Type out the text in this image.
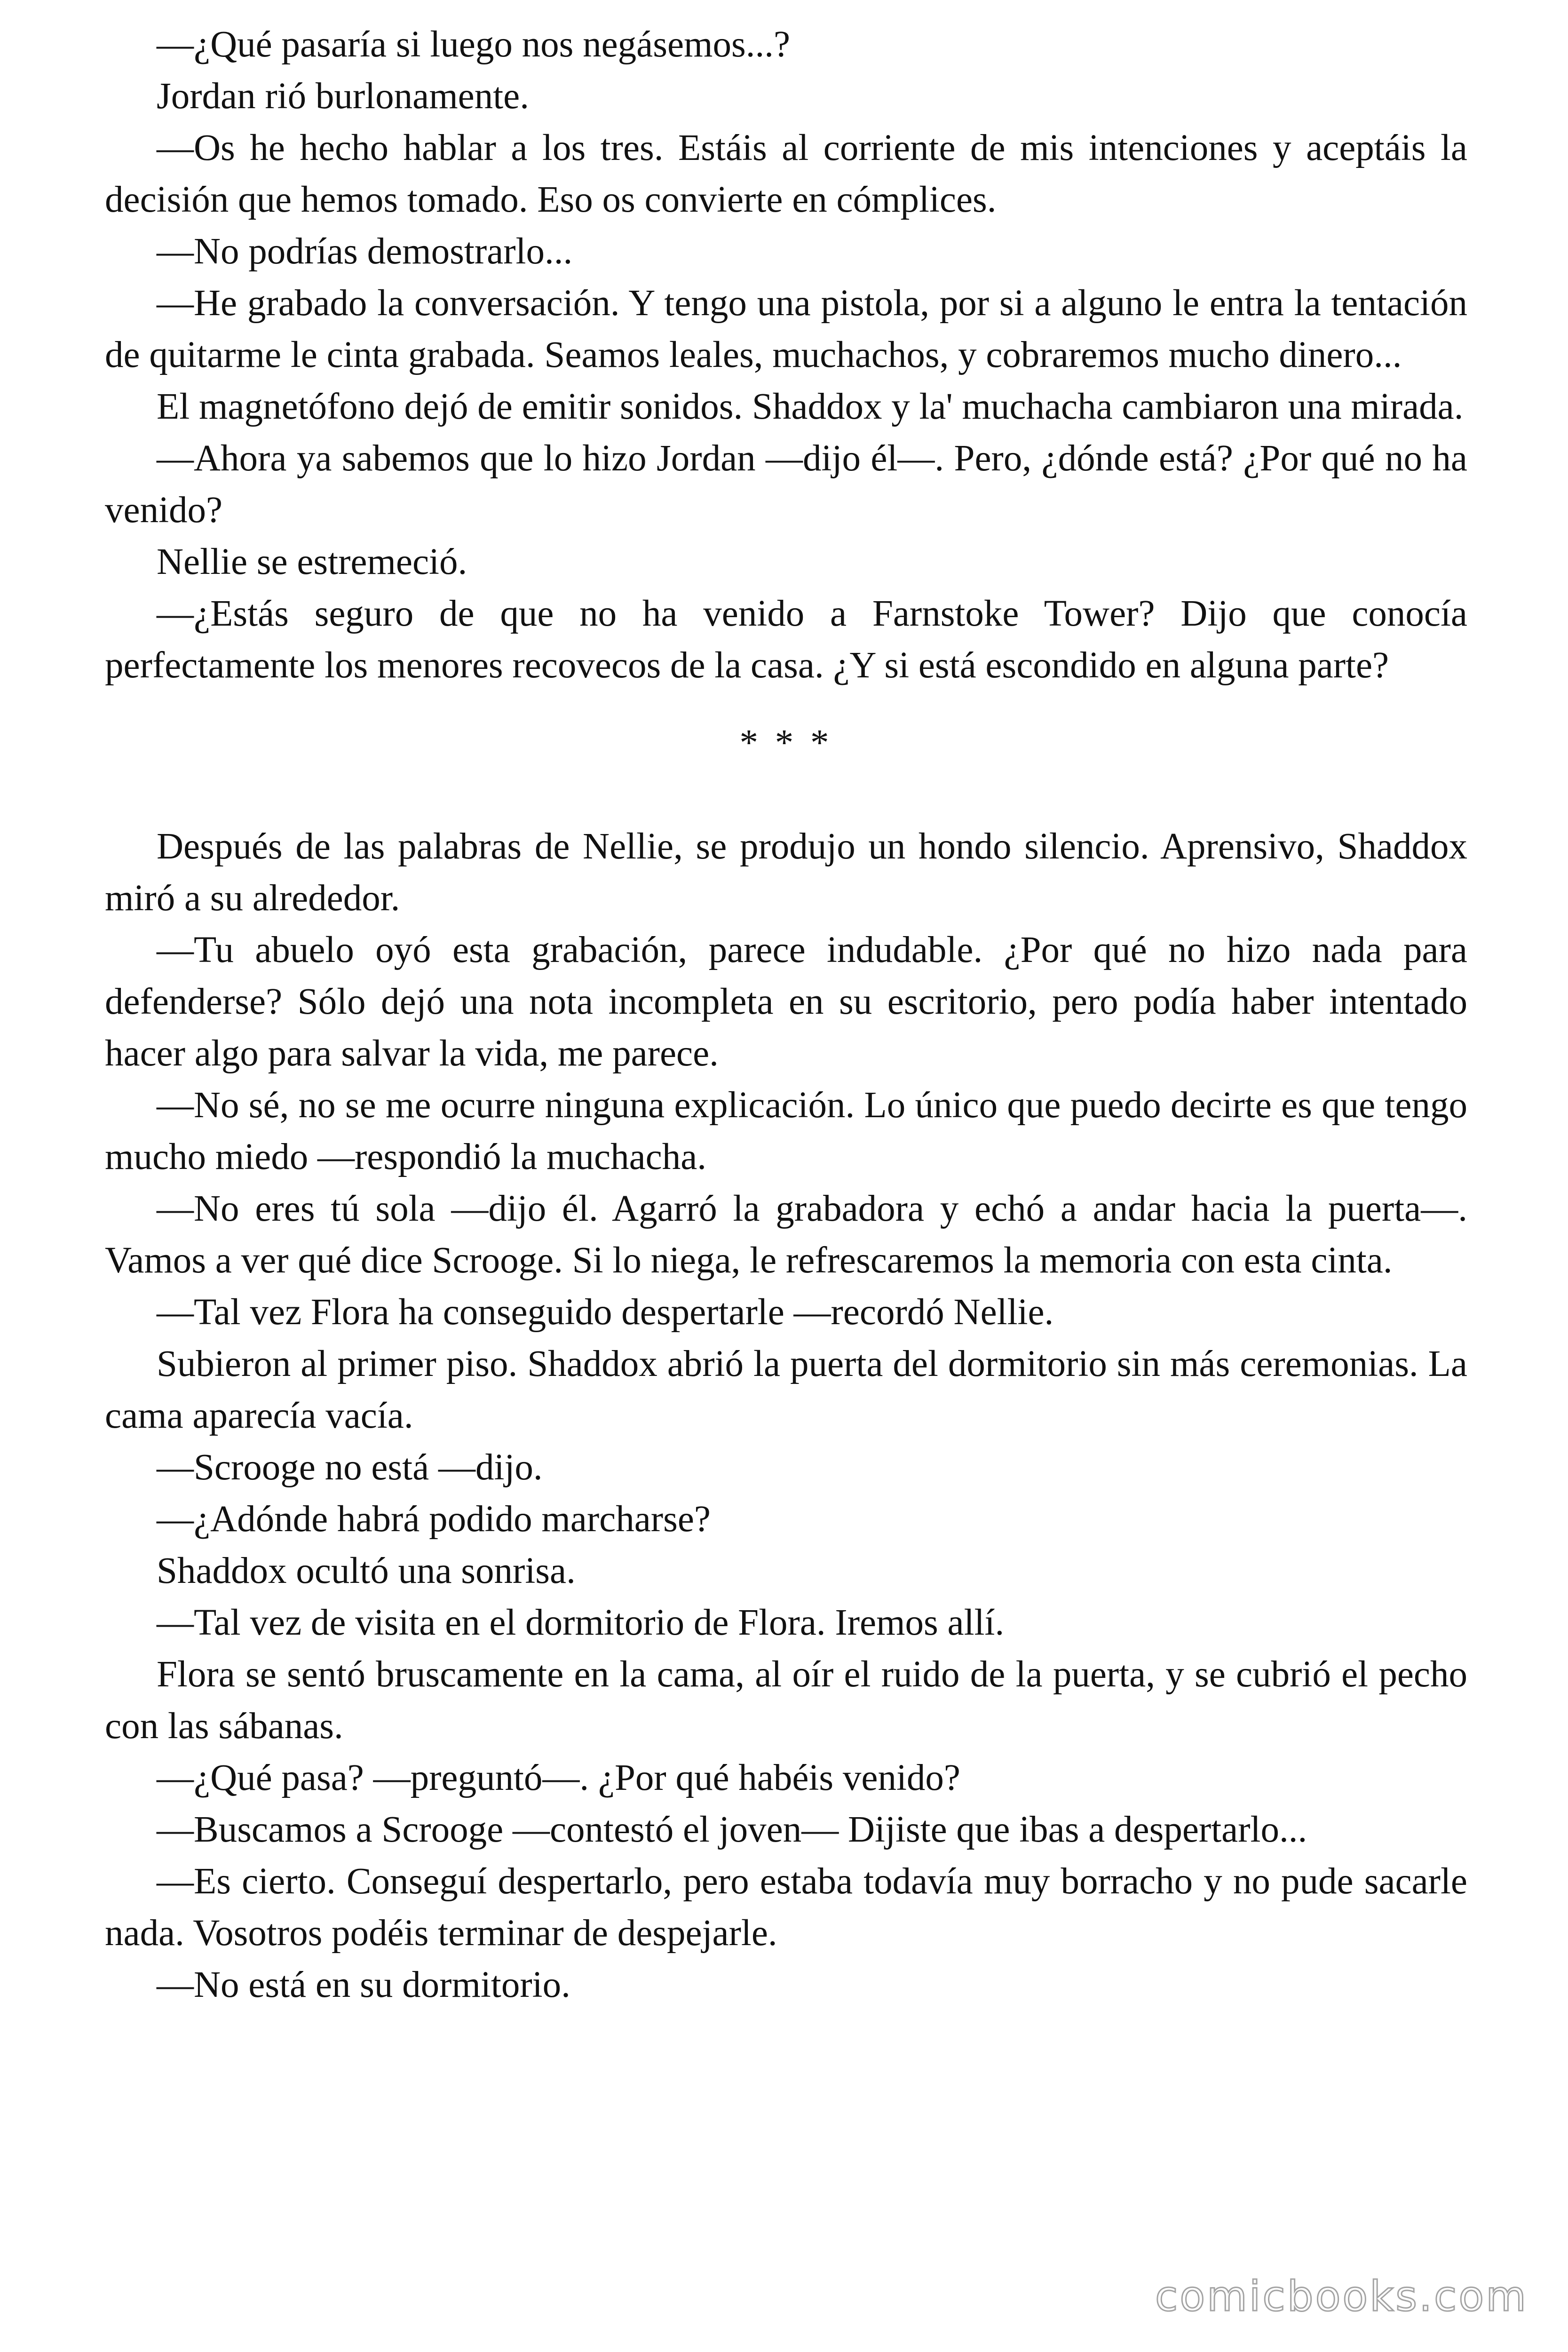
—¿Qué pasaría si luego nos negásemos...?

Jordan rió burlonamente.

—Os he hecho hablar a los tres. Estáis al corriente de mis intenciones y aceptáis la decisión que hemos tomado. Eso os convierte en cómplices.

—No podrías demostrarlo...

—He grabado la conversación. Y tengo una pistola, por si a alguno le entra la tentación de quitarme le cinta grabada. Seamos leales, muchachos, y cobraremos mucho dinero...

El magnetófono dejó de emitir sonidos. Shaddox y la' muchacha cambiaron una mirada.

—Ahora ya sabemos que lo hizo Jordan —dijo él—. Pero, ¿dónde está? ¿Por qué no ha venido?

Nellie se estremeció.

—¿Estás seguro de que no ha venido a Farnstoke Tower? Dijo que conocía perfectamente los menores recovecos de la casa. ¿Y si está escondido en alguna parte?

* * *

Después de las palabras de Nellie, se produjo un hondo silencio. Aprensivo, Shaddox miró a su alrededor.

—Tu abuelo oyó esta grabación, parece indudable. ¿Por qué no hizo nada para defenderse? Sólo dejó una nota incompleta en su escritorio, pero podía haber intentado hacer algo para salvar la vida, me parece.

—No sé, no se me ocurre ninguna explicación. Lo único que puedo decirte es que tengo mucho miedo —respondió la muchacha.

—No eres tú sola —dijo él. Agarró la grabadora y echó a andar hacia la puerta—. Vamos a ver qué dice Scrooge. Si lo niega, le refrescaremos la memoria con esta cinta.

—Tal vez Flora ha conseguido despertarle —recordó Nellie.

Subieron al primer piso. Shaddox abrió la puerta del dormitorio sin más ceremonias. La cama aparecía vacía.

—Scrooge no está —dijo.

—¿Adónde habrá podido marcharse?

Shaddox ocultó una sonrisa.

—Tal vez de visita en el dormitorio de Flora. Iremos allí.

Flora se sentó bruscamente en la cama, al oír el ruido de la puerta, y se cubrió el pecho con las sábanas.

—¿Qué pasa? —preguntó—. ¿Por qué habéis venido?

—Buscamos a Scrooge —contestó el joven— Dijiste que ibas a despertarlo...

—Es cierto. Conseguí despertarlo, pero estaba todavía muy borracho y no pude sacarle nada. Vosotros podéis terminar de despejarle.

—No está en su dormitorio.

comicbooks.com
